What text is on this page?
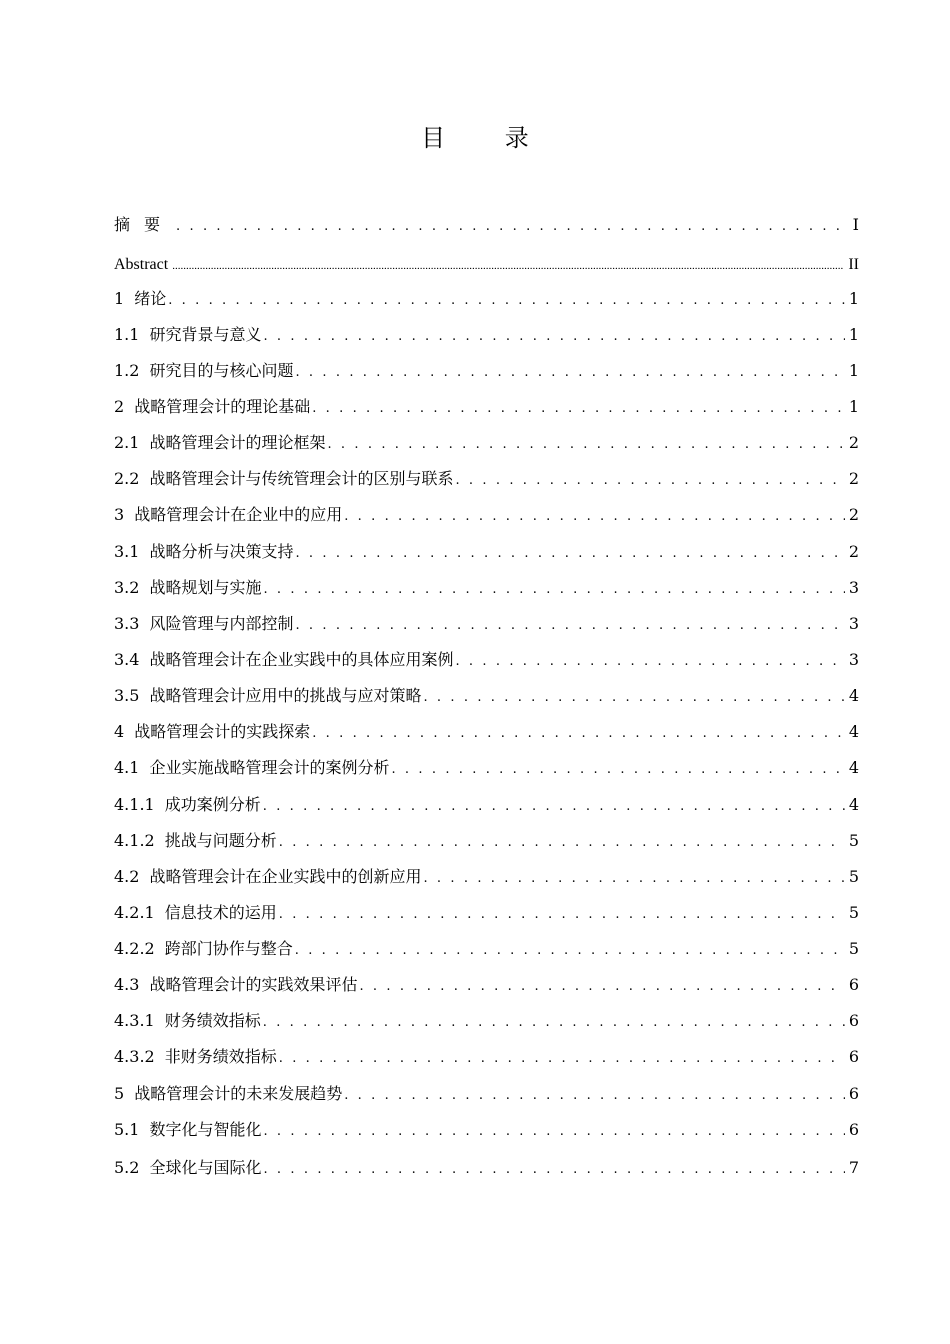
目 录
摘要 . . .	I
Abstract .....	II
1 绪论 . . .	1
1.1 研究背景与意义 . . .	1
1.2 研究目的与核心问题 . . .	1
2 战略管理会计的理论基础 . . .	1
2.1 战略管理会计的理论框架 . . .	2
2.2 战略管理会计与传统管理会计的区别与联系 . . .	2
3 战略管理会计在企业中的应用 . . .	2
3.1 战略分析与决策支持 . . .	2
3.2 战略规划与实施 . . .	3
3.3 风险管理与内部控制 . . .	3
3.4 战略管理会计在企业实践中的具体应用案例 . . .	3
3.5 战略管理会计应用中的挑战与应对策略 . . .	4
4 战略管理会计的实践探索 . . .	4
4.1 企业实施战略管理会计的案例分析 . . .	4
4.1.1 成功案例分析 . . .	4
4.1.2 挑战与问题分析 . . .	5
4.2 战略管理会计在企业实践中的创新应用 . . .	5
4.2.1 信息技术的运用 . . .	5
4.2.2 跨部门协作与整合 . . .	5
4.3 战略管理会计的实践效果评估 . . .	6
4.3.1 财务绩效指标 . . .	6
4.3.2 非财务绩效指标 . . .	6
5 战略管理会计的未来发展趋势 . . .	6
5.1 数字化与智能化 . . .	6
5.2 全球化与国际化 . . .	7
